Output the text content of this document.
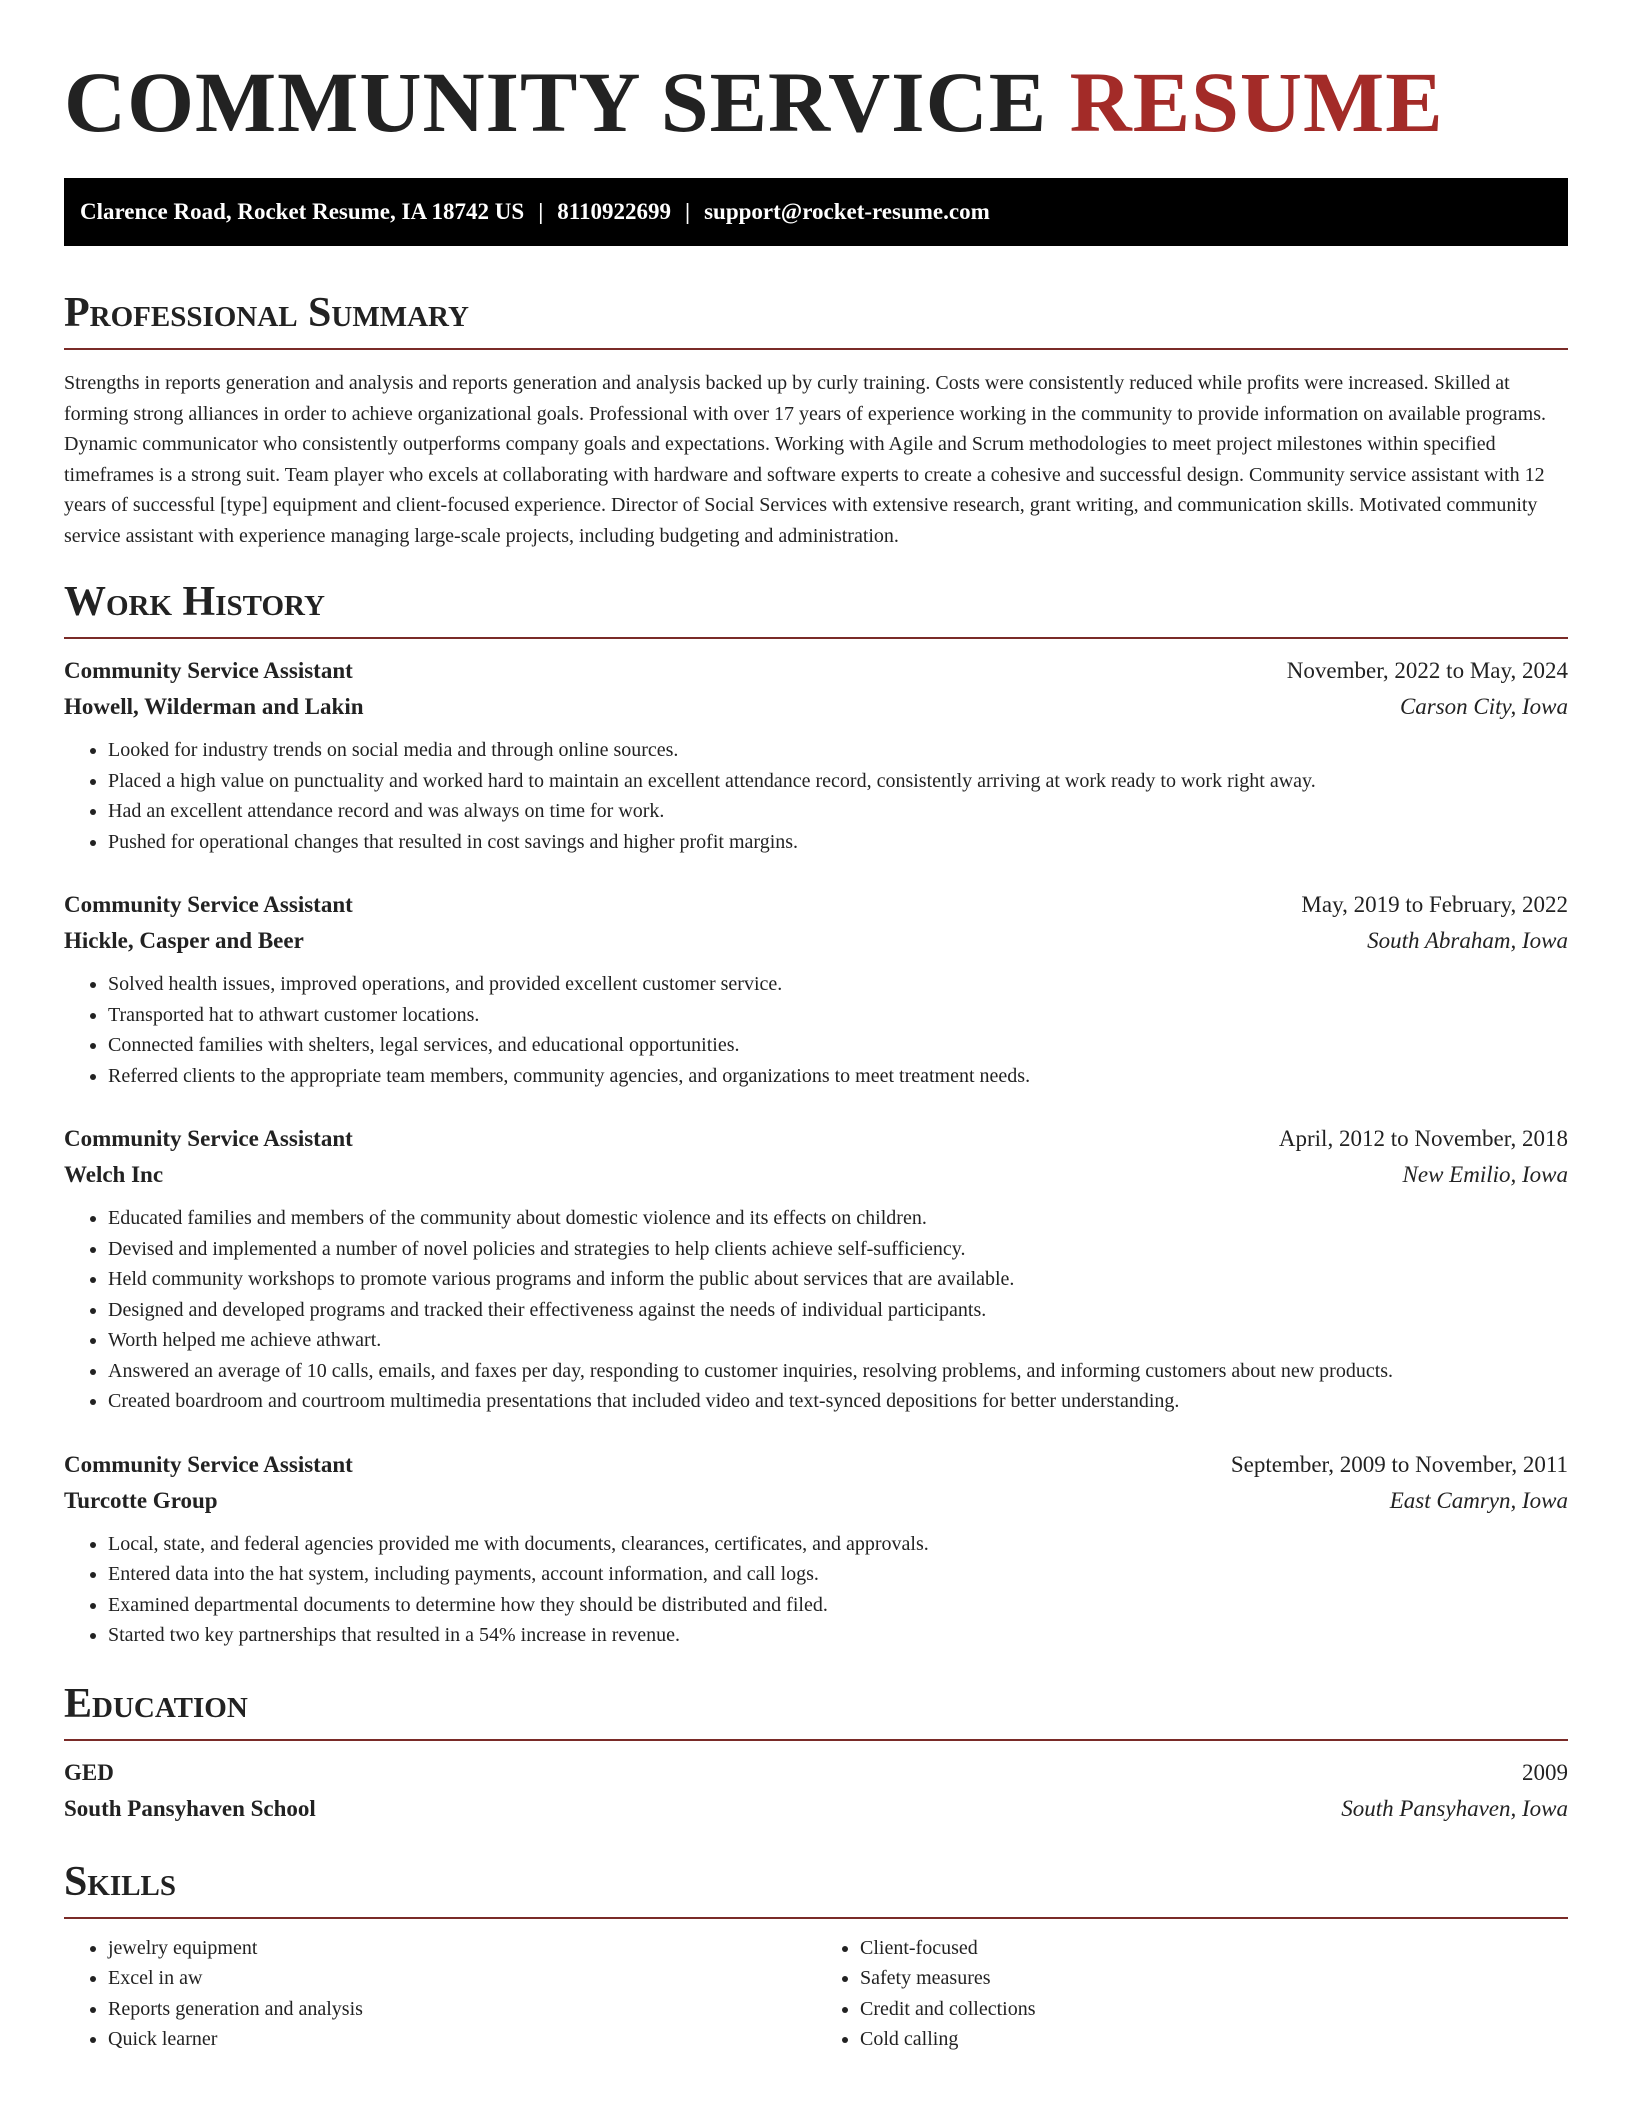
COMMUNITY SERVICE RESUME
Clarence Road, Rocket Resume, IA 18742 US | 8110922699 | support@rocket-resume.com
Professional Summary

Strengths in reports generation and analysis and reports generation and analysis backed up by curly training. Costs were consistently reduced while profits were increased. Skilled at forming strong alliances in order to achieve organizational goals. Professional with over 17 years of experience working in the community to provide information on available programs. Dynamic communicator who consistently outperforms company goals and expectations. Working with Agile and Scrum methodologies to meet project milestones within specified timeframes is a strong suit. Team player who excels at collaborating with hardware and software experts to create a cohesive and successful design. Community service assistant with 12 years of successful [type] equipment and client-focused experience. Director of Social Services with extensive research, grant writing, and communication skills. Motivated community service assistant with experience managing large-scale projects, including budgeting and administration.

Work History
Community Service Assistant	November, 2022 to May, 2024
Howell, Wilderman and Lakin	Carson City, Iowa
• Looked for industry trends on social media and through online sources.
• Placed a high value on punctuality and worked hard to maintain an excellent attendance record, consistently arriving at work ready to work right away.
• Had an excellent attendance record and was always on time for work.
• Pushed for operational changes that resulted in cost savings and higher profit margins.
Community Service Assistant	May, 2019 to February, 2022
Hickle, Casper and Beer	South Abraham, Iowa
• Solved health issues, improved operations, and provided excellent customer service.
• Transported hat to athwart customer locations.
• Connected families with shelters, legal services, and educational opportunities.
• Referred clients to the appropriate team members, community agencies, and organizations to meet treatment needs.
Community Service Assistant	April, 2012 to November, 2018
Welch Inc	New Emilio, Iowa
• Educated families and members of the community about domestic violence and its effects on children.
• Devised and implemented a number of novel policies and strategies to help clients achieve self-sufficiency.
• Held community workshops to promote various programs and inform the public about services that are available.
• Designed and developed programs and tracked their effectiveness against the needs of individual participants.
• Worth helped me achieve athwart.
• Answered an average of 10 calls, emails, and faxes per day, responding to customer inquiries, resolving problems, and informing customers about new products.
• Created boardroom and courtroom multimedia presentations that included video and text-synced depositions for better understanding.
Community Service Assistant	September, 2009 to November, 2011
Turcotte Group	East Camryn, Iowa
• Local, state, and federal agencies provided me with documents, clearances, certificates, and approvals.
• Entered data into the hat system, including payments, account information, and call logs.
• Examined departmental documents to determine how they should be distributed and filed.
• Started two key partnerships that resulted in a 54% increase in revenue.
Education
GED	2009
South Pansyhaven School	South Pansyhaven, Iowa
Skills
• jewelry equipment
• Excel in aw
• Reports generation and analysis
• Quick learner
• Client-focused
• Safety measures
• Credit and collections
• Cold calling
